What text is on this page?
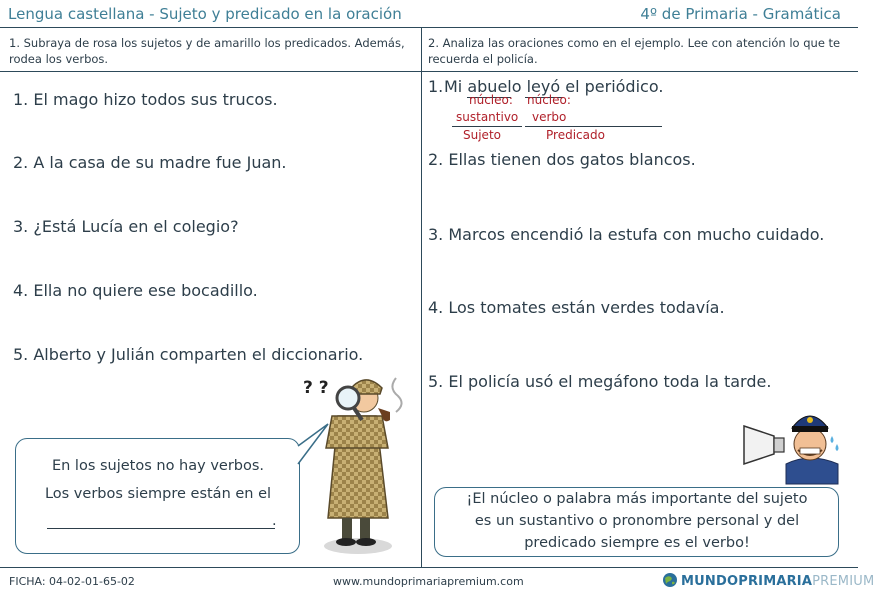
Lengua castellana - Sujeto y predicado en la oración	4º de Primaria - Gramática
1. Subraya de rosa los sujetos y de amarillo los predicados. Además, rodea los verbos.
1. El mago hizo todos sus trucos.
2. A la casa de su madre fue Juan.
3. ¿Está Lucía en el colegio?
4. Ella no quiere ese bocadillo.
5. Alberto y Julián comparten el diccionario.
En los sujetos no hay verbos.
Los verbos siempre están en el
.
? ?
2. Analiza las oraciones como en el ejemplo. Lee con atención lo que te recuerda el policía.
1. Mi abuelo leyó el periódico.
núcleo: núcleo:
sustantivo verbo
Sujeto	Predicado
2. Ellas tienen dos gatos blancos.
3. Marcos encendió la estufa con mucho cuidado.
4. Los tomates están verdes todavía.
5. El policía usó el megáfono toda la tarde.
¡El núcleo o palabra más importante del sujeto
es un sustantivo o pronombre personal y del
predicado siempre es el verbo!
FICHA: 04-02-01-65-02	www.mundoprimariapremium.com	MUNDOPRIMARIAPREMIUM
